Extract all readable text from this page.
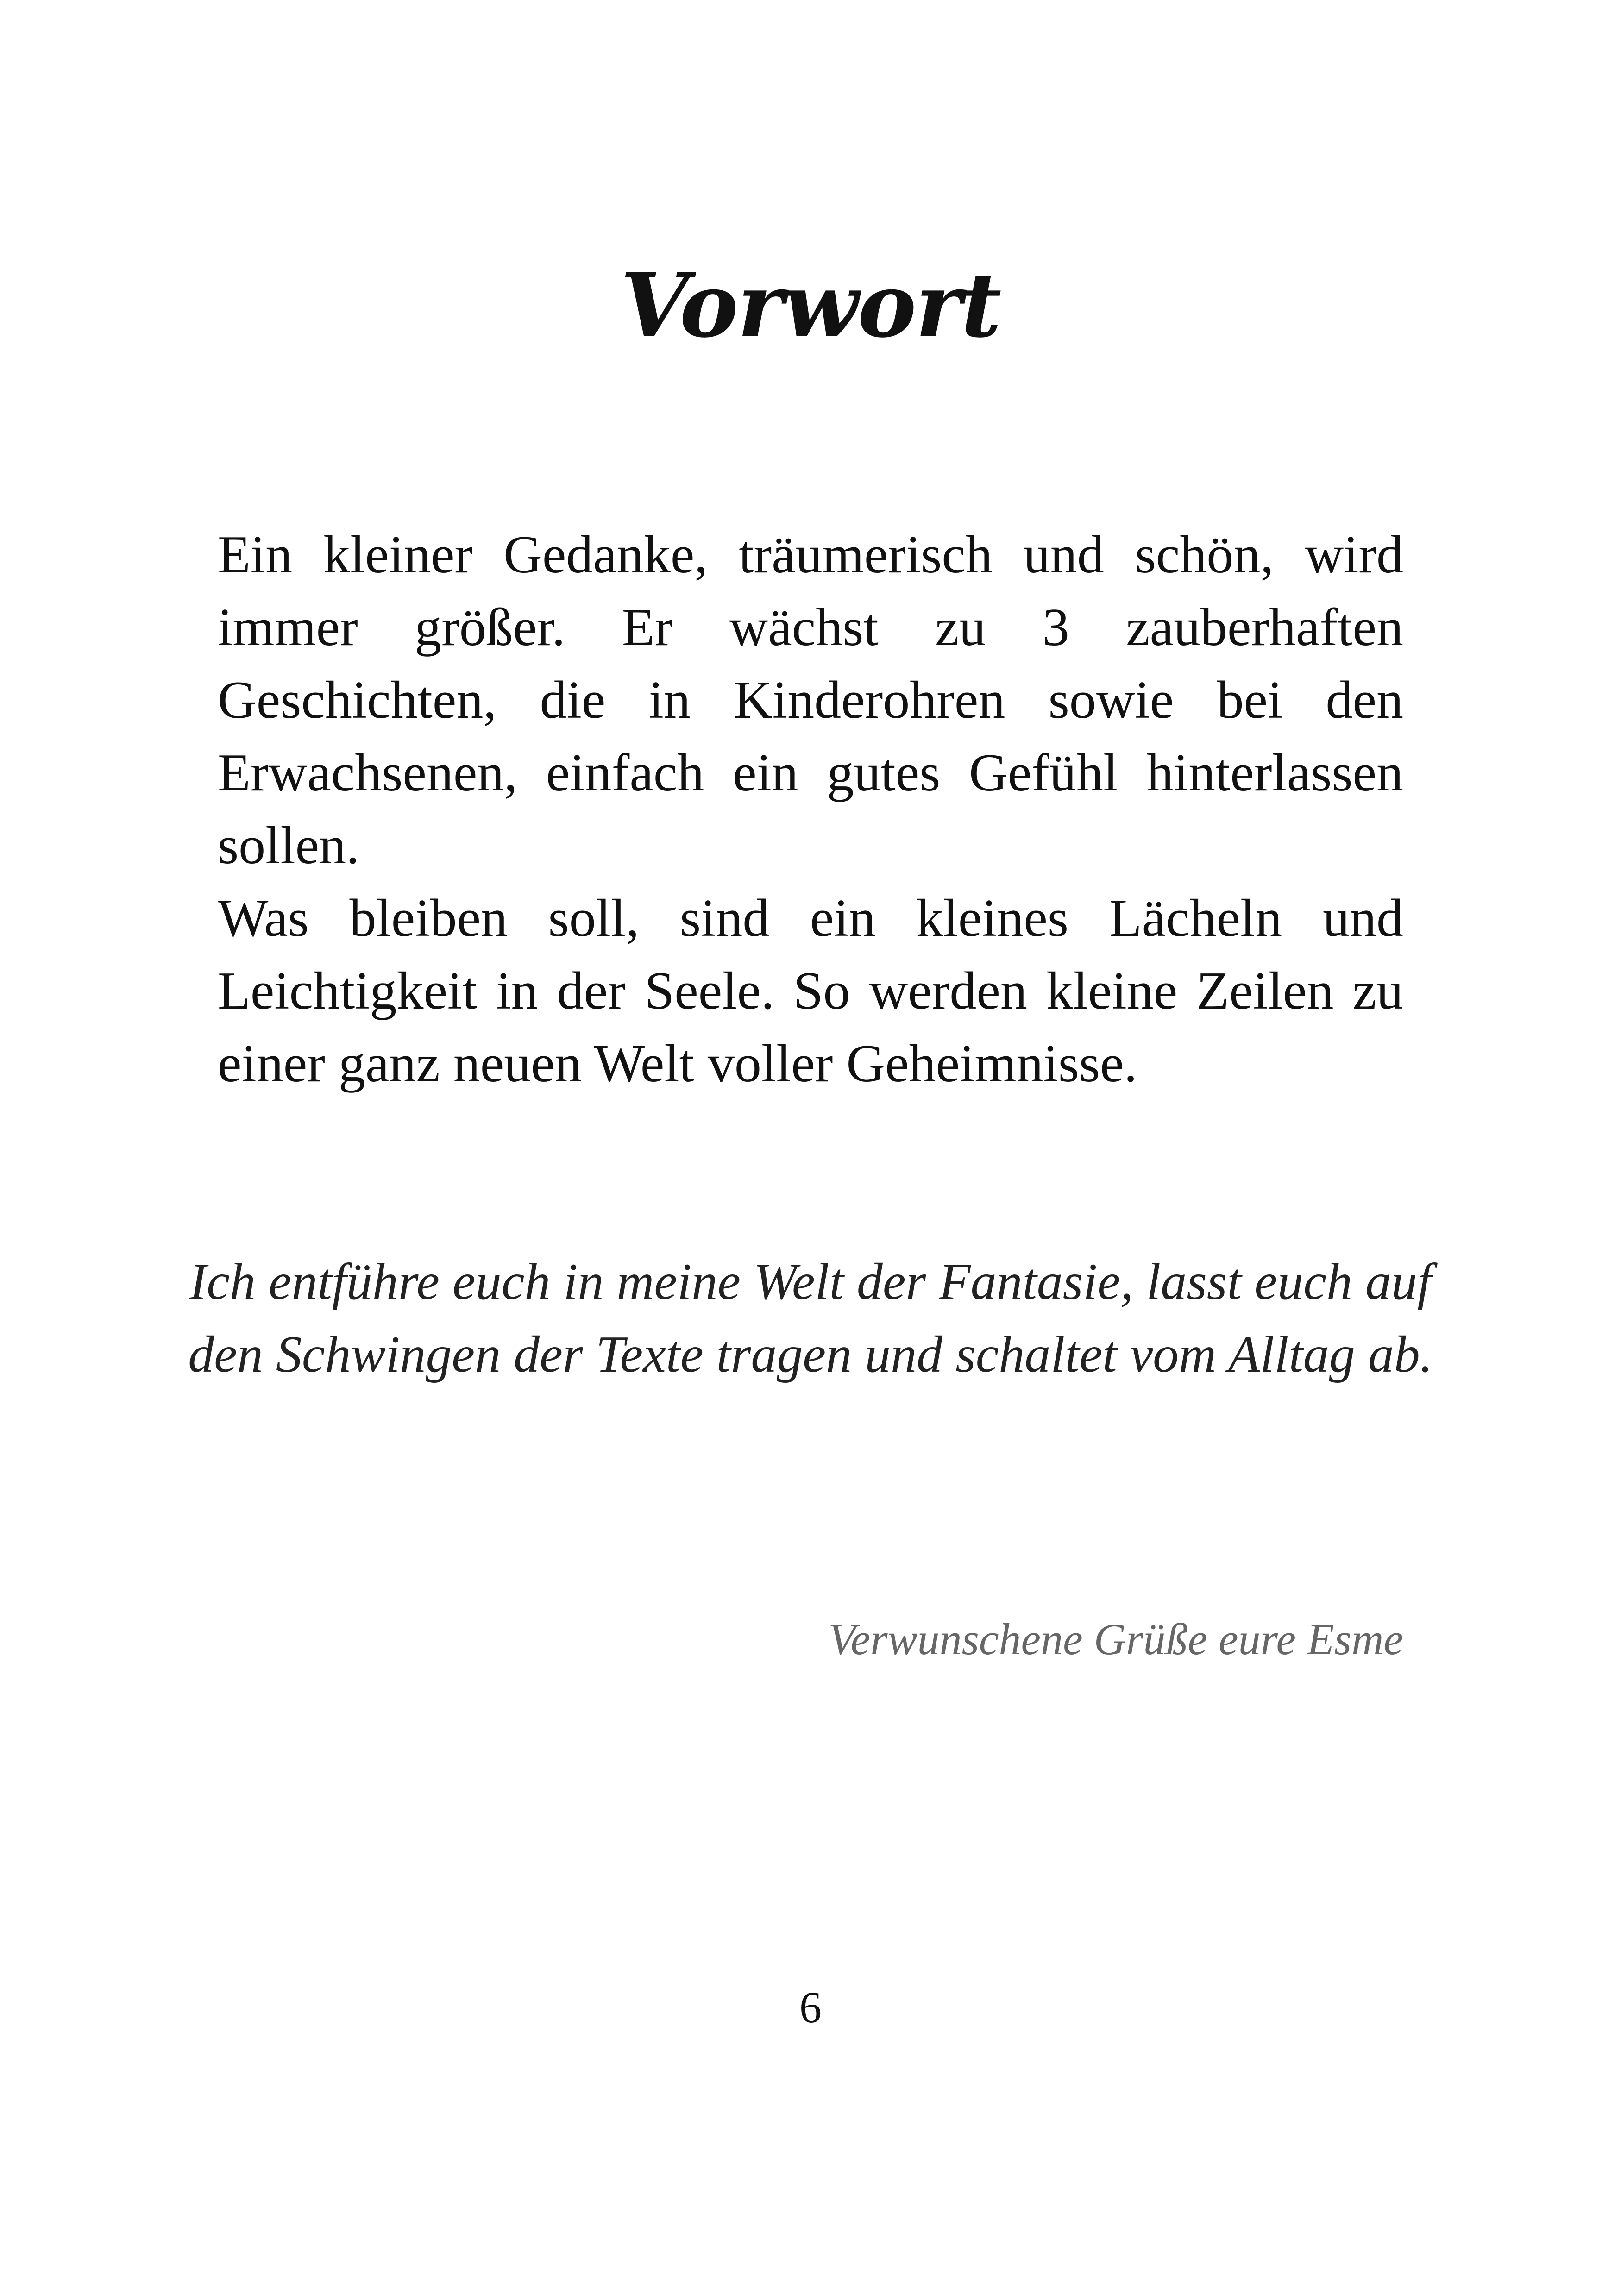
Vorwort

Ein kleiner Gedanke, träumerisch und schön, wird immer größer. Er wächst zu 3 zauberhaften Geschichten, die in Kinderohren sowie bei den Erwachsenen, einfach ein gutes Gefühl hinterlassen sollen.

Was bleiben soll, sind ein kleines Lächeln und Leichtigkeit in der Seele. So werden kleine Zeilen zu einer ganz neuen Welt voller Geheimnisse.

Ich entführe euch in meine Welt der Fantasie, lasst euch auf den Schwingen der Texte tragen und schaltet vom Alltag ab.

Verwunschene Grüße eure Esme

6
